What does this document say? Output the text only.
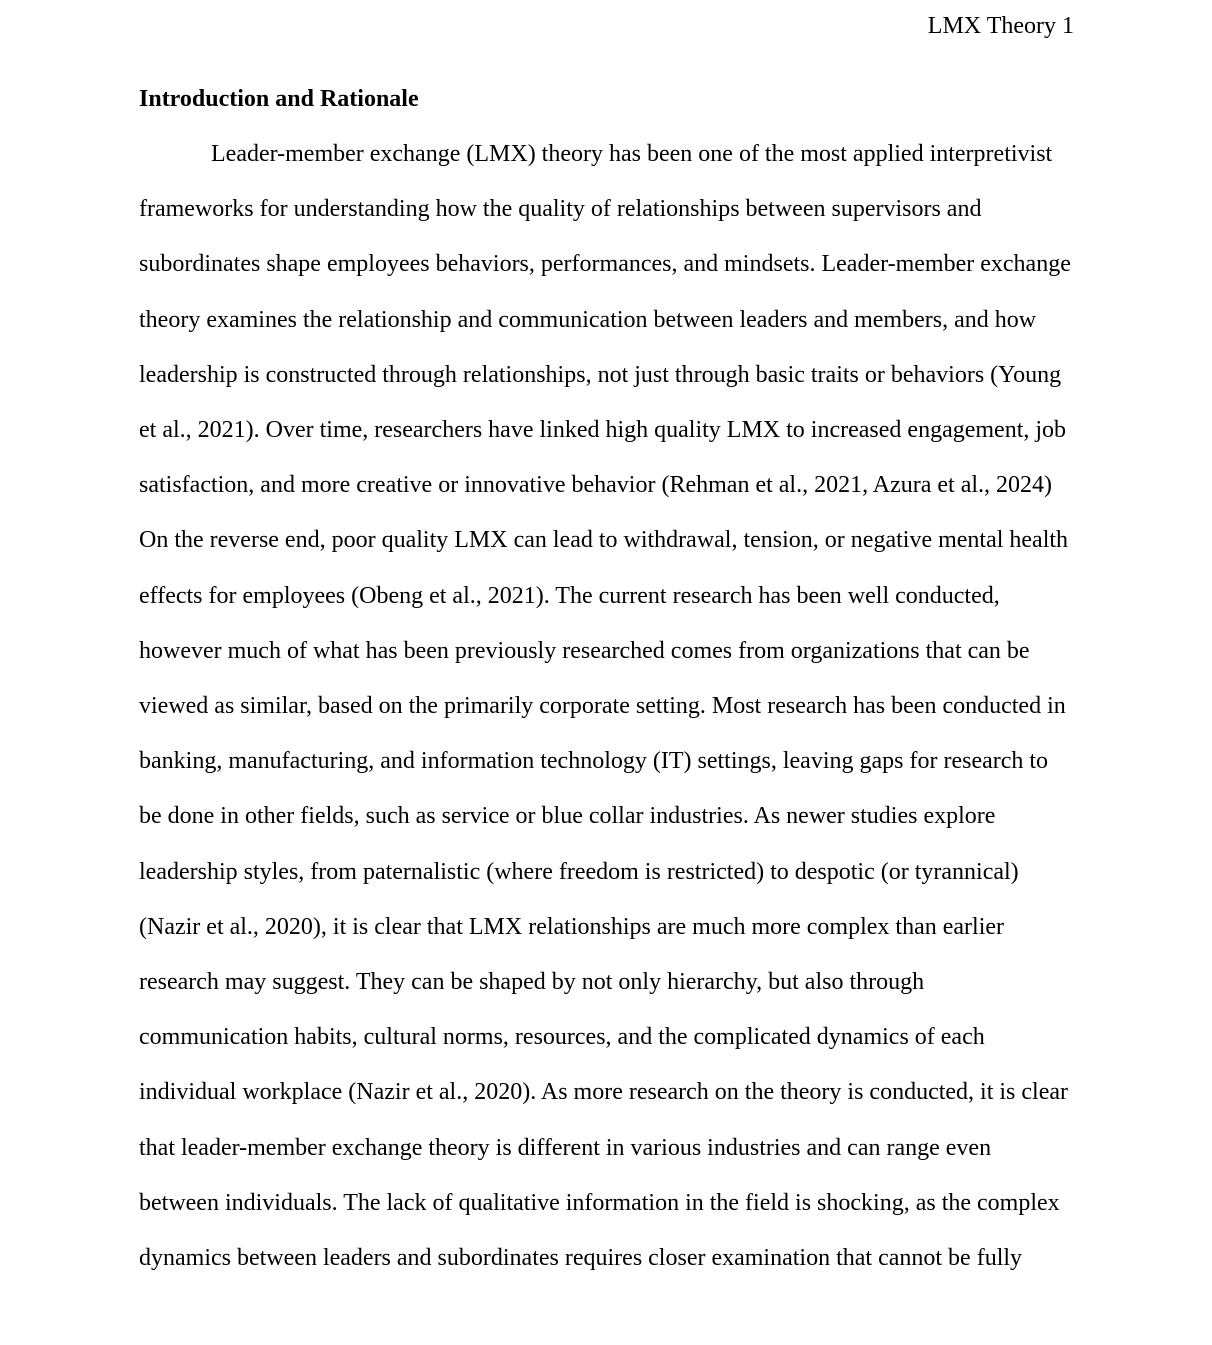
LMX Theory 1
Introduction and Rationale
Leader-member exchange (LMX) theory has been one of the most applied interpretivist
frameworks for understanding how the quality of relationships between supervisors and
subordinates shape employees behaviors, performances, and mindsets. Leader-member exchange
theory examines the relationship and communication between leaders and members, and how
leadership is constructed through relationships, not just through basic traits or behaviors (Young
et al., 2021). Over time, researchers have linked high quality LMX to increased engagement, job
satisfaction, and more creative or innovative behavior (Rehman et al., 2021, Azura et al., 2024)
On the reverse end, poor quality LMX can lead to withdrawal, tension, or negative mental health
effects for employees (Obeng et al., 2021). The current research has been well conducted,
however much of what has been previously researched comes from organizations that can be
viewed as similar, based on the primarily corporate setting. Most research has been conducted in
banking, manufacturing, and information technology (IT) settings, leaving gaps for research to
be done in other fields, such as service or blue collar industries. As newer studies explore
leadership styles, from paternalistic (where freedom is restricted) to despotic (or tyrannical)
(Nazir et al., 2020), it is clear that LMX relationships are much more complex than earlier
research may suggest. They can be shaped by not only hierarchy, but also through
communication habits, cultural norms, resources, and the complicated dynamics of each
individual workplace (Nazir et al., 2020). As more research on the theory is conducted, it is clear
that leader-member exchange theory is different in various industries and can range even
between individuals. The lack of qualitative information in the field is shocking, as the complex
dynamics between leaders and subordinates requires closer examination that cannot be fully
